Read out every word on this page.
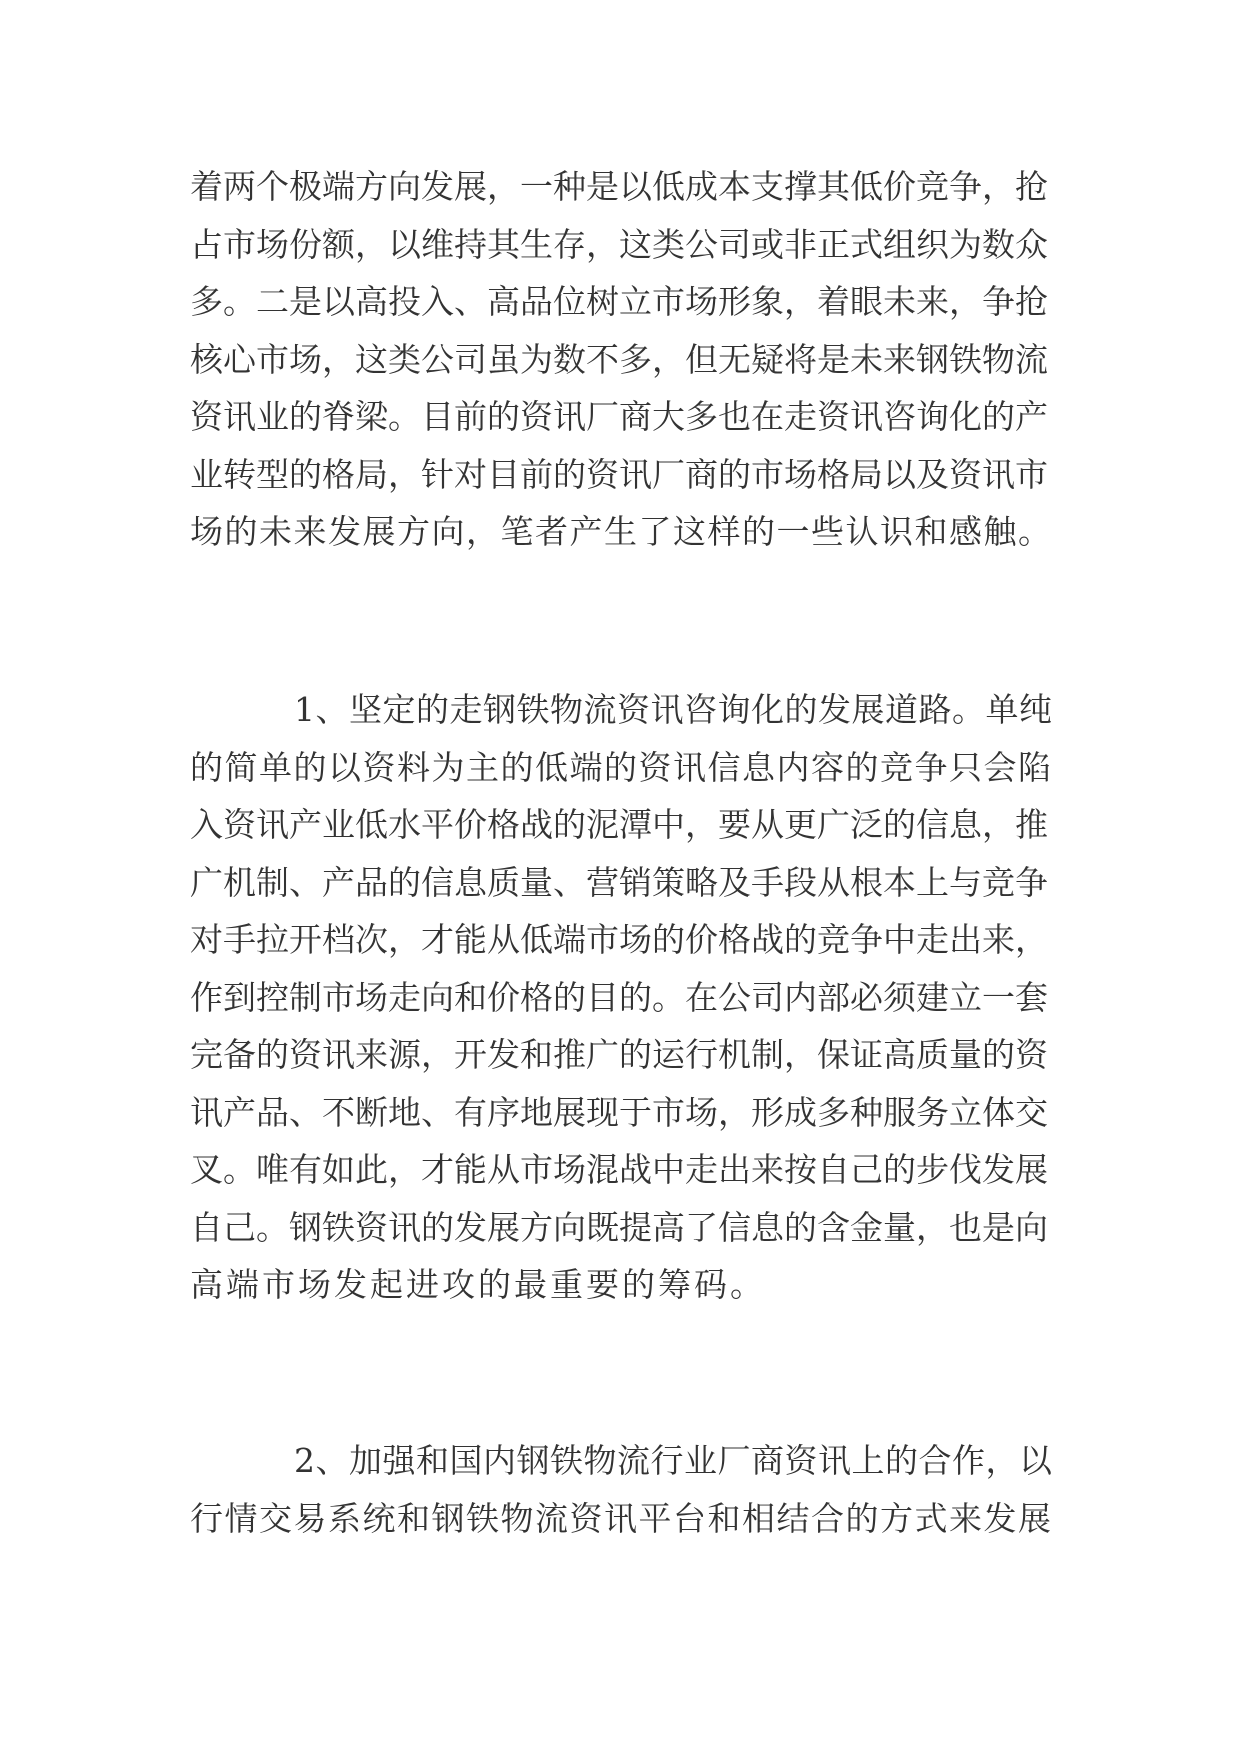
着两个极端方向发展，一种是以低成本支撑其低价竞争，抢
占市场份额，以维持其生存，这类公司或非正式组织为数众
多。二是以高投入、高品位树立市场形象，着眼未来，争抢
核心市场，这类公司虽为数不多，但无疑将是未来钢铁物流
资讯业的脊梁。目前的资讯厂商大多也在走资讯咨询化的产
业转型的格局，针对目前的资讯厂商的市场格局以及资讯市
场的未来发展方向，笔者产生了这样的一些认识和感触。
1、坚定的走钢铁物流资讯咨询化的发展道路。单纯
的简单的以资料为主的低端的资讯信息内容的竞争只会陷
入资讯产业低水平价格战的泥潭中，要从更广泛的信息，推
广机制、产品的信息质量、营销策略及手段从根本上与竞争
对手拉开档次，才能从低端市场的价格战的竞争中走出来，
作到控制市场走向和价格的目的。在公司内部必须建立一套
完备的资讯来源，开发和推广的运行机制，保证高质量的资
讯产品、不断地、有序地展现于市场，形成多种服务立体交
叉。唯有如此，才能从市场混战中走出来按自己的步伐发展
自己。钢铁资讯的发展方向既提高了信息的含金量，也是向
高端市场发起进攻的最重要的筹码。
2、加强和国内钢铁物流行业厂商资讯上的合作，以
行情交易系统和钢铁物流资讯平台和相结合的方式来发展
